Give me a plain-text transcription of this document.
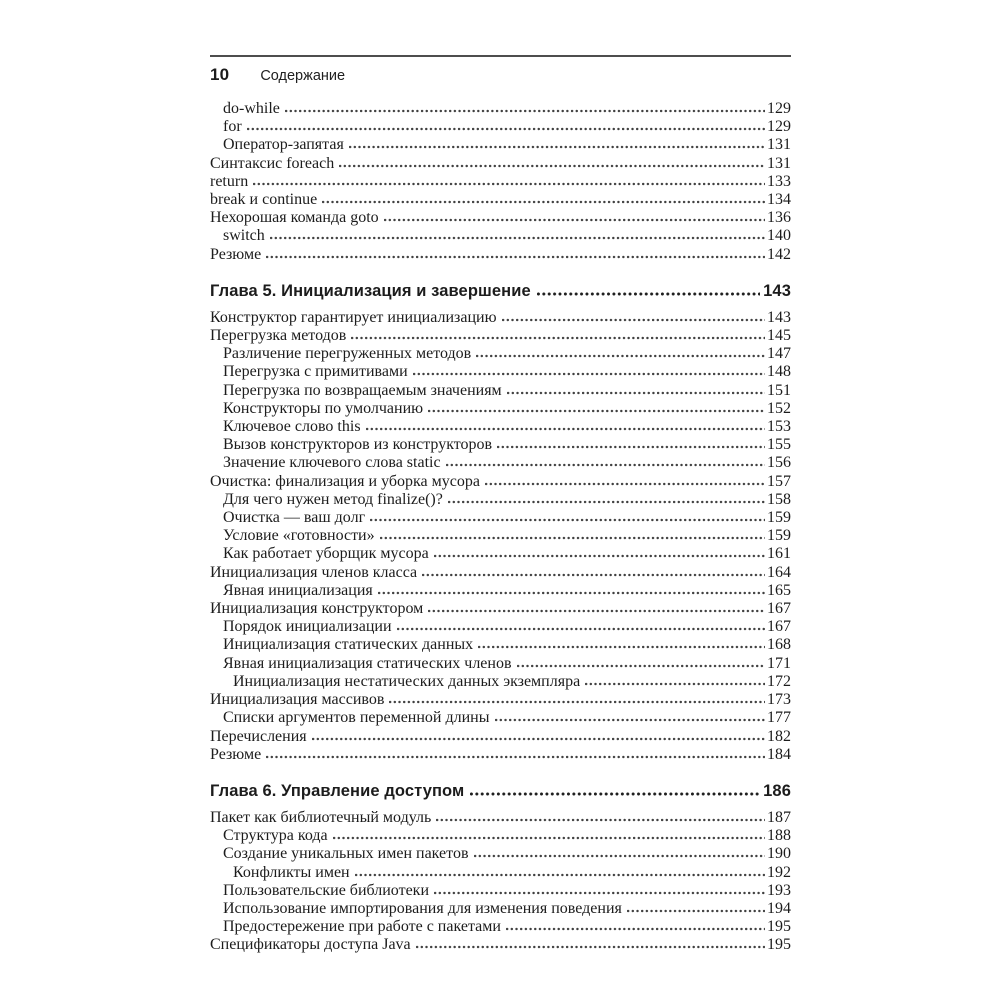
10 Содержание
do-while	129
for	129
Оператор-запятая	131
Синтаксис foreach	131
return	133
break и continue	134
Нехорошая команда goto	136
switch	140
Резюме	142
Глава 5. Инициализация и завершение	143
Конструктор гарантирует инициализацию	143
Перегрузка методов	145
Различение перегруженных методов	147
Перегрузка с примитивами	148
Перегрузка по возвращаемым значениям	151
Конструкторы по умолчанию	152
Ключевое слово this	153
Вызов конструкторов из конструкторов	155
Значение ключевого слова static	156
Очистка: финализация и уборка мусора	157
Для чего нужен метод finalize()?	158
Очистка — ваш долг	159
Условие «готовности»	159
Как работает уборщик мусора	161
Инициализация членов класса	164
Явная инициализация	165
Инициализация конструктором	167
Порядок инициализации	167
Инициализация статических данных	168
Явная инициализация статических членов	171
Инициализация нестатических данных экземпляра	172
Инициализация массивов	173
Списки аргументов переменной длины	177
Перечисления	182
Резюме	184
Глава 6. Управление доступом	186
Пакет как библиотечный модуль	187
Структура кода	188
Создание уникальных имен пакетов	190
Конфликты имен	192
Пользовательские библиотеки	193
Использование импортирования для изменения поведения	194
Предостережение при работе с пакетами	195
Спецификаторы доступа Java	195
